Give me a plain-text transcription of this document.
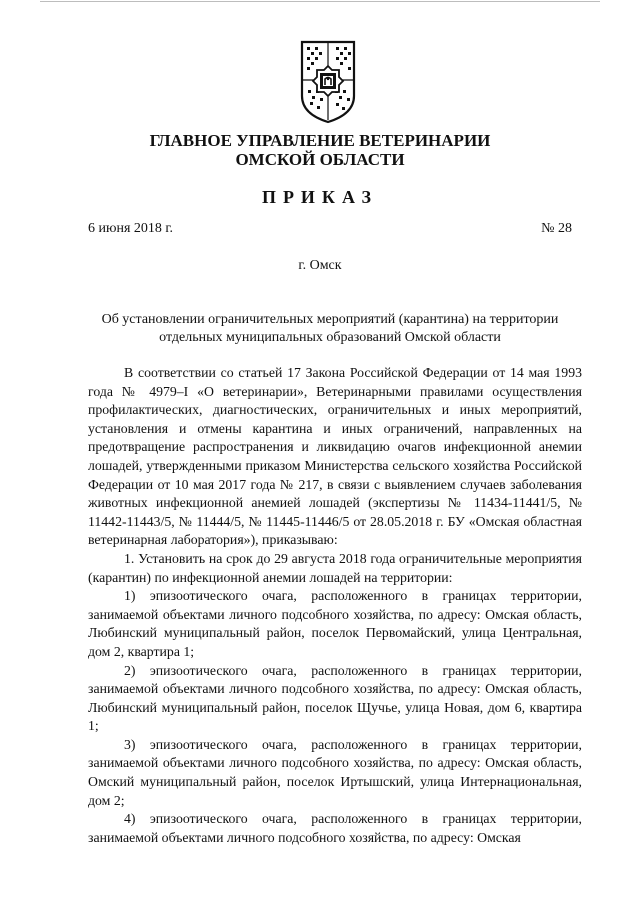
ГЛАВНОЕ УПРАВЛЕНИЕ ВЕТЕРИНАРИИ
ОМСКОЙ ОБЛАСТИ
ПРИКАЗ
6 июня 2018 г.	№ 28
г. Омск
Об установлении ограничительных мероприятий (карантина) на территории отдельных муниципальных образований Омской области

В соответствии со статьей 17 Закона Российской Федерации от 14 мая 1993 года № 4979–I «О ветеринарии», Ветеринарными правилами осуществления профилактических, диагностических, ограничительных и иных мероприятий, установления и отмены карантина и иных ограничений, направленных на предотвращение распространения и ликвидацию очагов инфекционной анемии лошадей, утвержденными приказом Министерства сельского хозяйства Российской Федерации от 10 мая 2017 года № 217, в связи с выявлением случаев заболевания животных инфекционной анемией лошадей (экспертизы № 11434-11441/5, № 11442-11443/5, № 11444/5, № 11445-11446/5 от 28.05.2018 г. БУ «Омская областная ветеринарная лаборатория»), приказываю:

1. Установить на срок до 29 августа 2018 года ограничительные мероприятия (карантин) по инфекционной анемии лошадей на территории:

1) эпизоотического очага, расположенного в границах территории, занимаемой объектами личного подсобного хозяйства, по адресу: Омская область, Любинский муниципальный район, поселок Первомайский, улица Центральная, дом 2, квартира 1;

2) эпизоотического очага, расположенного в границах территории, занимаемой объектами личного подсобного хозяйства, по адресу: Омская область, Любинский муниципальный район, поселок Щучье, улица Новая, дом 6, квартира 1;

3) эпизоотического очага, расположенного в границах территории, занимаемой объектами личного подсобного хозяйства, по адресу: Омская область, Омский муниципальный район, поселок Иртышский, улица Интернациональная, дом 2;

4) эпизоотического очага, расположенного в границах территории, занимаемой объектами личного подсобного хозяйства, по адресу: Омская
